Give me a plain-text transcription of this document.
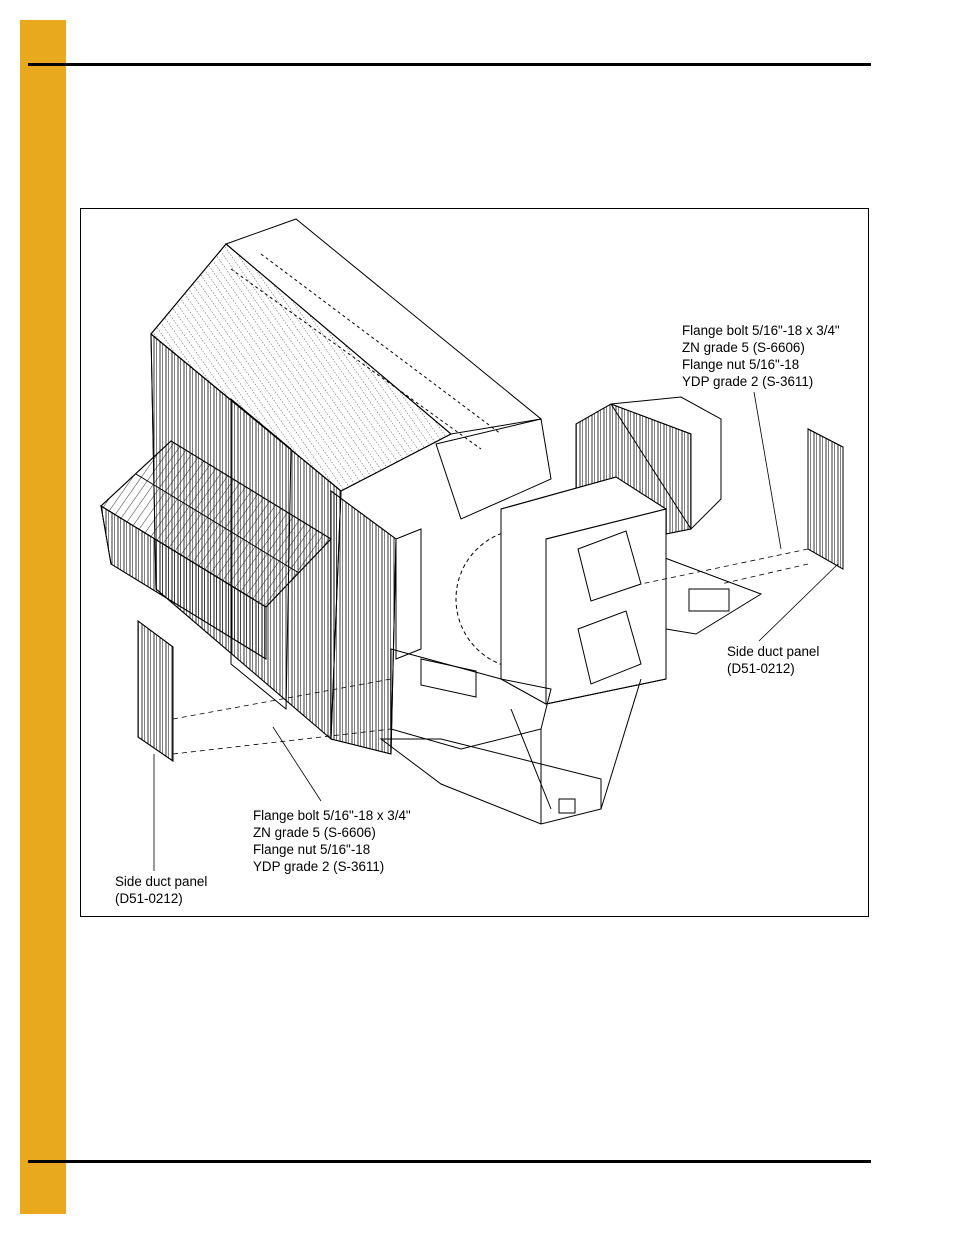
Flange bolt 5/16"-18 x 3/4"
ZN grade 5 (S-6606)
Flange nut 5/16"-18
YDP grade 2 (S-3611)
Side duct panel
(D51-0212)
Flange bolt 5/16"-18 x 3/4"
ZN grade 5 (S-6606)
Flange nut 5/16"-18
YDP grade 2 (S-3611)
Side duct panel
(D51-0212)
